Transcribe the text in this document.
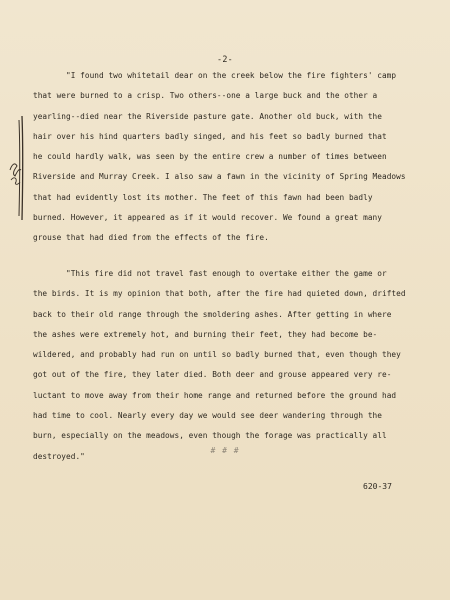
-2-
"I found two whitetail dear on the creek below the fire fighters' camp
that were burned to a crisp. Two others--one a large buck and the other a
yearling--died near the Riverside pasture gate. Another old buck, with the
hair over his hind quarters badly singed, and his feet so badly burned that
he could hardly walk, was seen by the entire crew a number of times between
Riverside and Murray Creek. I also saw a fawn in the vicinity of Spring Meadows
that had evidently lost its mother. The feet of this fawn had been badly
burned. However, it appeared as if it would recover. We found a great many
grouse that had died from the effects of the fire.
"This fire did not travel fast enough to overtake either the game or
the birds. It is my opinion that both, after the fire had quieted down, drifted
back to their old range through the smoldering ashes. After getting in where
the ashes were extremely hot, and burning their feet, they had become be-
wildered, and probably had run on until so badly burned that, even though they
got out of the fire, they later died. Both deer and grouse appeared very re-
luctant to move away from their home range and returned before the ground had
had time to cool. Nearly every day we would see deer wandering through the
burn, especially on the meadows, even though the forage was practically all
destroyed."
# # #
620-37
